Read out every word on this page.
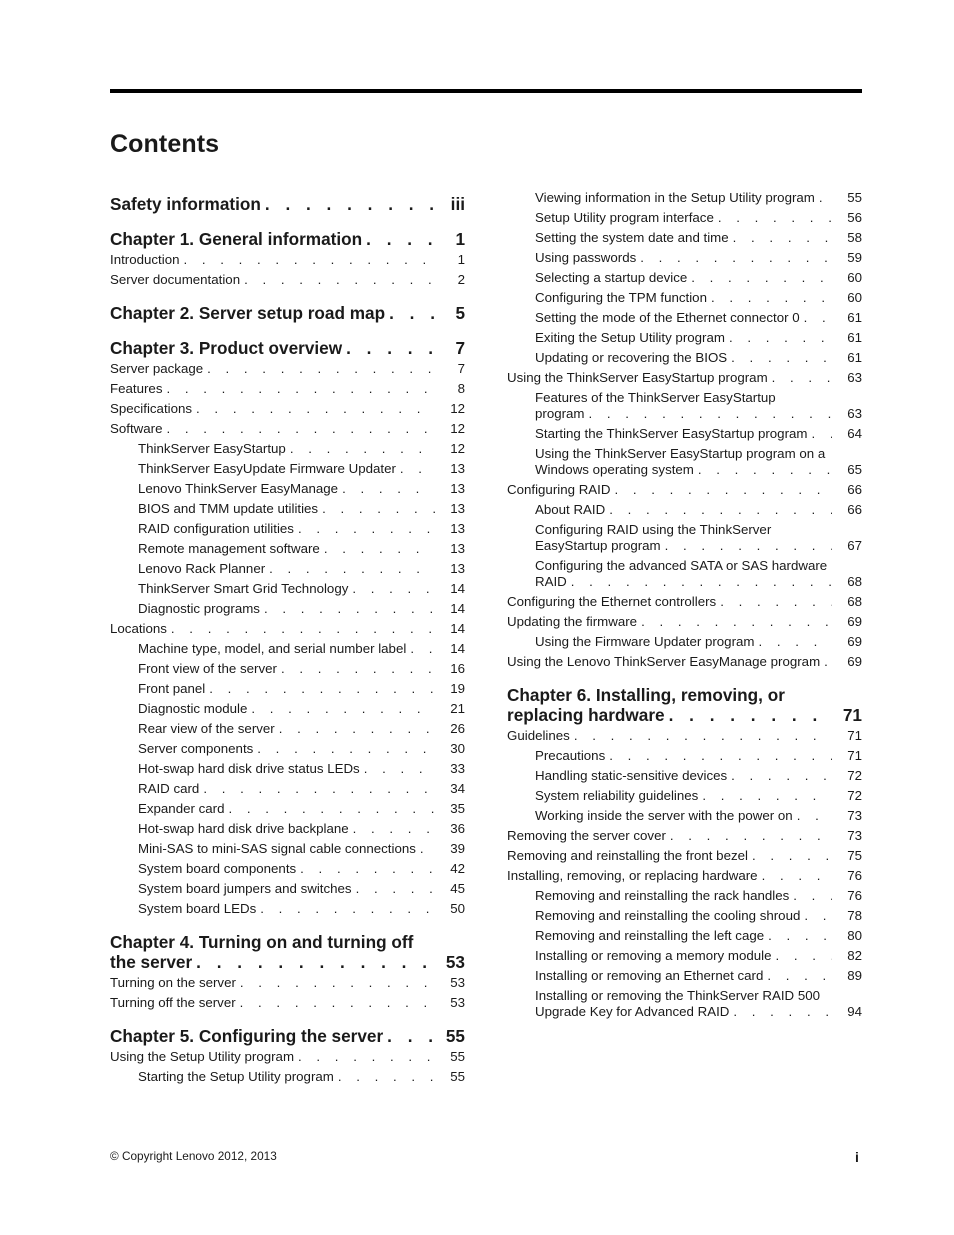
Contents
Safety information . . .	iii
Chapter 1. General information . . .	1
Introduction . . .	1
Server documentation . . .	2
Chapter 2. Server setup road map . . .	5
Chapter 3. Product overview . . .	7
Server package . . .	7
Features . . .	8
Specifications . . .	12
Software . . .	12
ThinkServer EasyStartup . . .	12
ThinkServer EasyUpdate Firmware Updater . . .	13
Lenovo ThinkServer EasyManage . . .	13
BIOS and TMM update utilities . . .	13
RAID configuration utilities . . .	13
Remote management software . . .	13
Lenovo Rack Planner . . .	13
ThinkServer Smart Grid Technology . . .	14
Diagnostic programs . . .	14
Locations . . .	14
Machine type, model, and serial number label . . .	14
Front view of the server . . .	16
Front panel . . .	19
Diagnostic module . . .	21
Rear view of the server . . .	26
Server components . . .	30
Hot-swap hard disk drive status LEDs . . .	33
RAID card . . .	34
Expander card . . .	35
Hot-swap hard disk drive backplane . . .	36
Mini-SAS to mini-SAS signal cable connections . . .	39
System board components . . .	42
System board jumpers and switches . . .	45
System board LEDs . . .	50
Chapter 4. Turning on and turning off the server . . .	53
Turning on the server . . .	53
Turning off the server . . .	53
Chapter 5. Configuring the server . . .	55
Using the Setup Utility program . . .	55
Starting the Setup Utility program . . .	55
Viewing information in the Setup Utility program . . .	55
Setup Utility program interface . . .	56
Setting the system date and time . . .	58
Using passwords . . .	59
Selecting a startup device . . .	60
Configuring the TPM function . . .	60
Setting the mode of the Ethernet connector 0 . . .	61
Exiting the Setup Utility program . . .	61
Updating or recovering the BIOS . . .	61
Using the ThinkServer EasyStartup program . . .	63
Features of the ThinkServer EasyStartup program . . .	63
Starting the ThinkServer EasyStartup program . . .	64
Using the ThinkServer EasyStartup program on a Windows operating system . . .	65
Configuring RAID . . .	66
About RAID . . .	66
Configuring RAID using the ThinkServer EasyStartup program . . .	67
Configuring the advanced SATA or SAS hardware RAID . . .	68
Configuring the Ethernet controllers . . .	68
Updating the firmware . . .	69
Using the Firmware Updater program . . .	69
Using the Lenovo ThinkServer EasyManage program . . .	69
Chapter 6. Installing, removing, or replacing hardware . . .	71
Guidelines . . .	71
Precautions . . .	71
Handling static-sensitive devices . . .	72
System reliability guidelines . . .	72
Working inside the server with the power on . . .	73
Removing the server cover . . .	73
Removing and reinstalling the front bezel . . .	75
Installing, removing, or replacing hardware . . .	76
Removing and reinstalling the rack handles . . .	76
Removing and reinstalling the cooling shroud . . .	78
Removing and reinstalling the left cage . . .	80
Installing or removing a memory module . . .	82
Installing or removing an Ethernet card . . .	89
Installing or removing the ThinkServer RAID 500 Upgrade Key for Advanced RAID . . .	94
© Copyright Lenovo 2012, 2013	i
